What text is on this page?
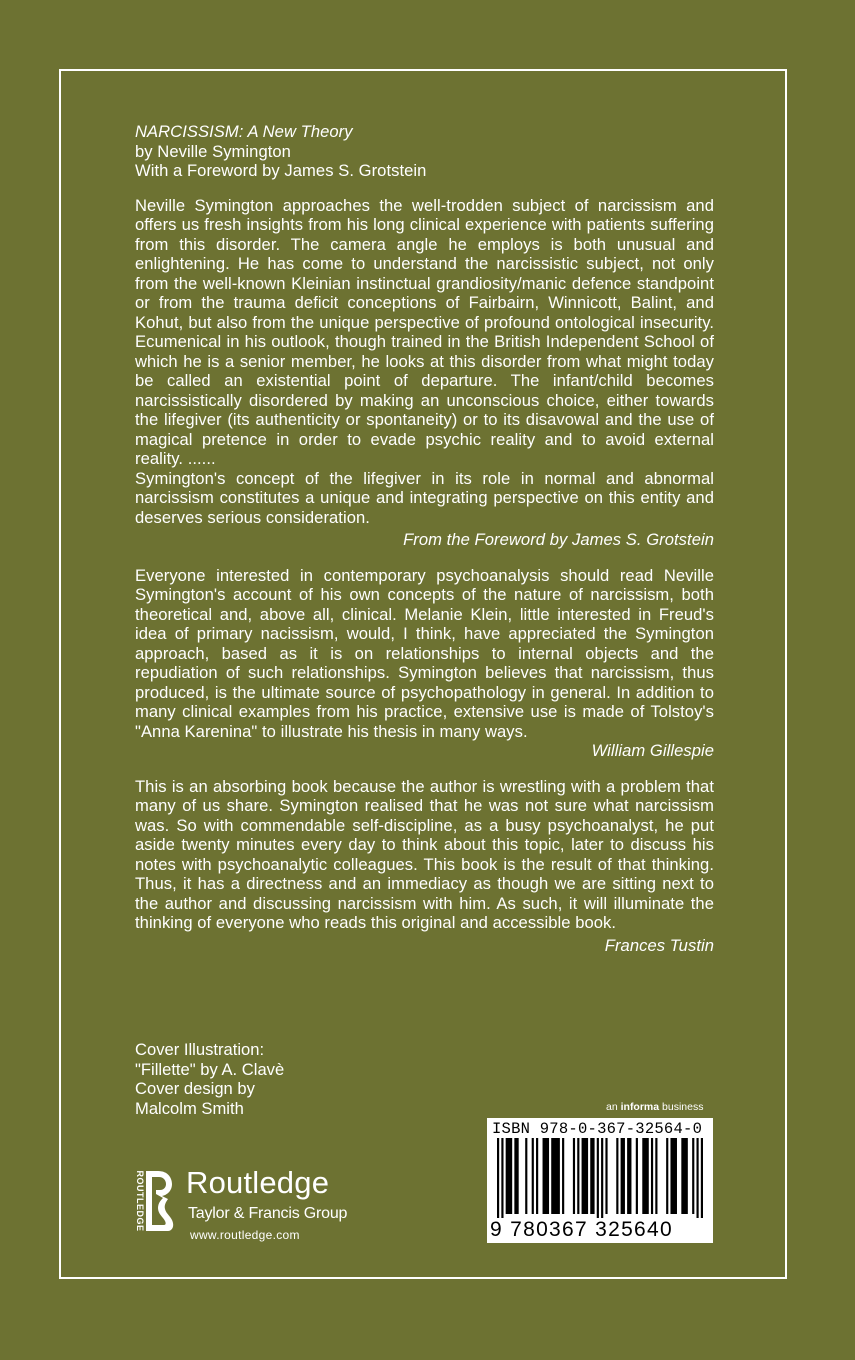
NARCISSISM: A New Theory
by Neville Symington
With a Foreword by James S. Grotstein

Neville Symington approaches the well-trodden subject of narcissism and offers us fresh insights from his long clinical experience with patients suffering from this disorder. The camera angle he employs is both unusual and enlightening. He has come to understand the narcissistic subject, not only from the well-known Kleinian instinctual grandiosity/manic defence standpoint or from the trauma deficit conceptions of Fairbairn, Winnicott, Balint, and Kohut, but also from the unique perspective of profound ontological insecurity. Ecumenical in his outlook, though trained in the British Independent School of which he is a senior member, he looks at this disorder from what might today be called an existential point of departure. The infant/child becomes narcissistically disordered by making an unconscious choice, either towards the lifegiver (its authenticity or spontaneity) or to its disavowal and the use of magical pretence in order to evade psychic reality and to avoid external reality. ......

Symington's concept of the lifegiver in its role in normal and abnormal narcissism constitutes a unique and integrating perspective on this entity and deserves serious consideration.

From the Foreword by James S. Grotstein

Everyone interested in contemporary psychoanalysis should read Neville Symington's account of his own concepts of the nature of narcissism, both theoretical and, above all, clinical. Melanie Klein, little interested in Freud's idea of primary nacissism, would, I think, have appreciated the Symington approach, based as it is on relationships to internal objects and the repudiation of such relationships. Symington believes that narcissism, thus produced, is the ultimate source of psychopathology in general. In addition to many clinical examples from his practice, extensive use is made of Tolstoy's "Anna Karenina" to illustrate his thesis in many ways.

William Gillespie

This is an absorbing book because the author is wrestling with a problem that many of us share. Symington realised that he was not sure what narcissism was. So with commendable self-discipline, as a busy psychoanalyst, he put aside twenty minutes every day to think about this topic, later to discuss his notes with psychoanalytic colleagues. This book is the result of that thinking. Thus, it has a directness and an immediacy as though we are sitting next to the author and discussing narcissism with him. As such, it will illuminate the thinking of everyone who reads this original and accessible book.

Frances Tustin

Cover Illustration:
"Fillette" by A. Clavè
Cover design by
Malcolm Smith
ROUTLEDGE Routledge
Taylor & Francis Group
www.routledge.com
an informa business
ISBN 978-0-367-32564-0
9 780367 325640
